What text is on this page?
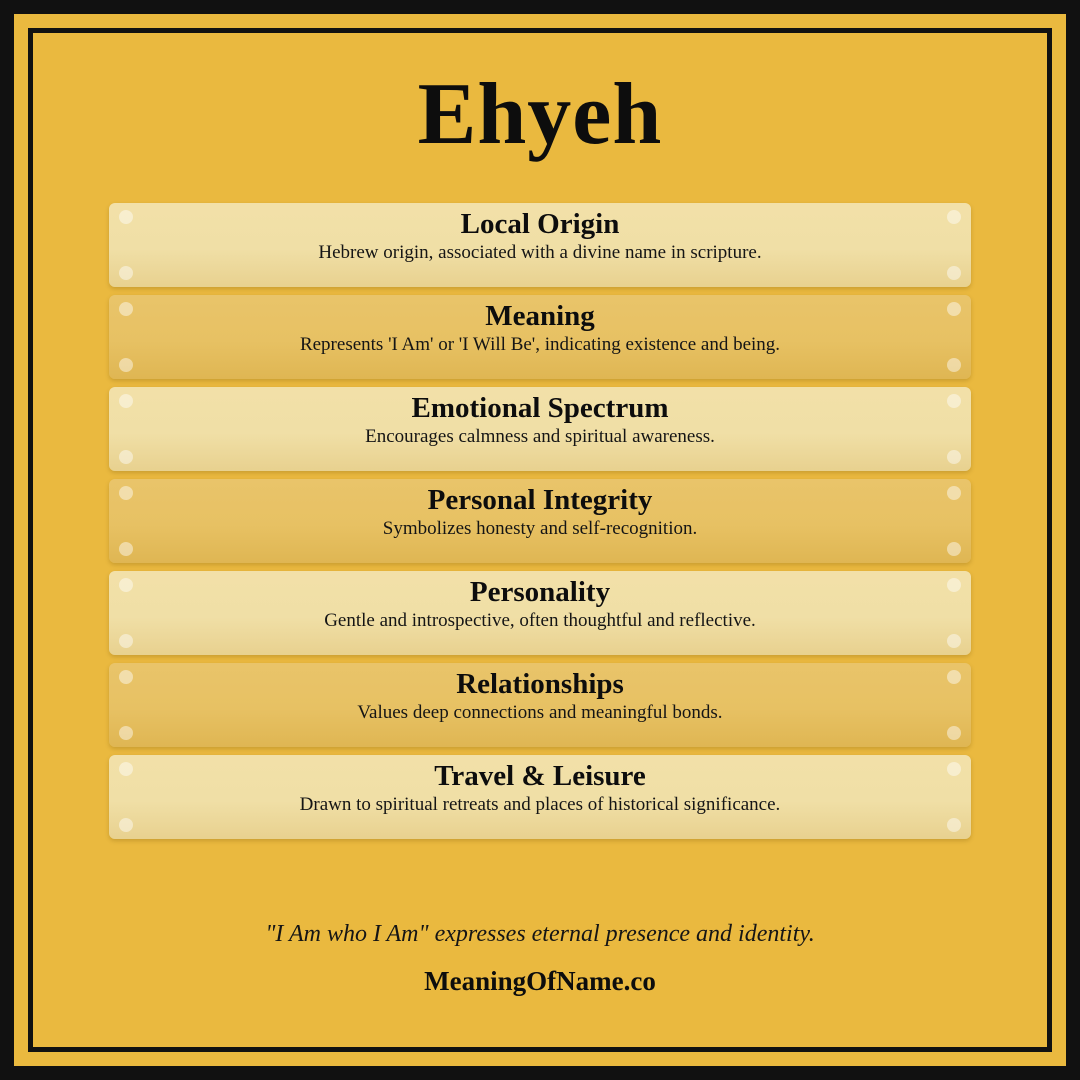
Ehyeh
Local Origin
Hebrew origin, associated with a divine name in scripture.
Meaning
Represents 'I Am' or 'I Will Be', indicating existence and being.
Emotional Spectrum
Encourages calmness and spiritual awareness.
Personal Integrity
Symbolizes honesty and self-recognition.
Personality
Gentle and introspective, often thoughtful and reflective.
Relationships
Values deep connections and meaningful bonds.
Travel & Leisure
Drawn to spiritual retreats and places of historical significance.
"I Am who I Am" expresses eternal presence and identity.
MeaningOfName.co
